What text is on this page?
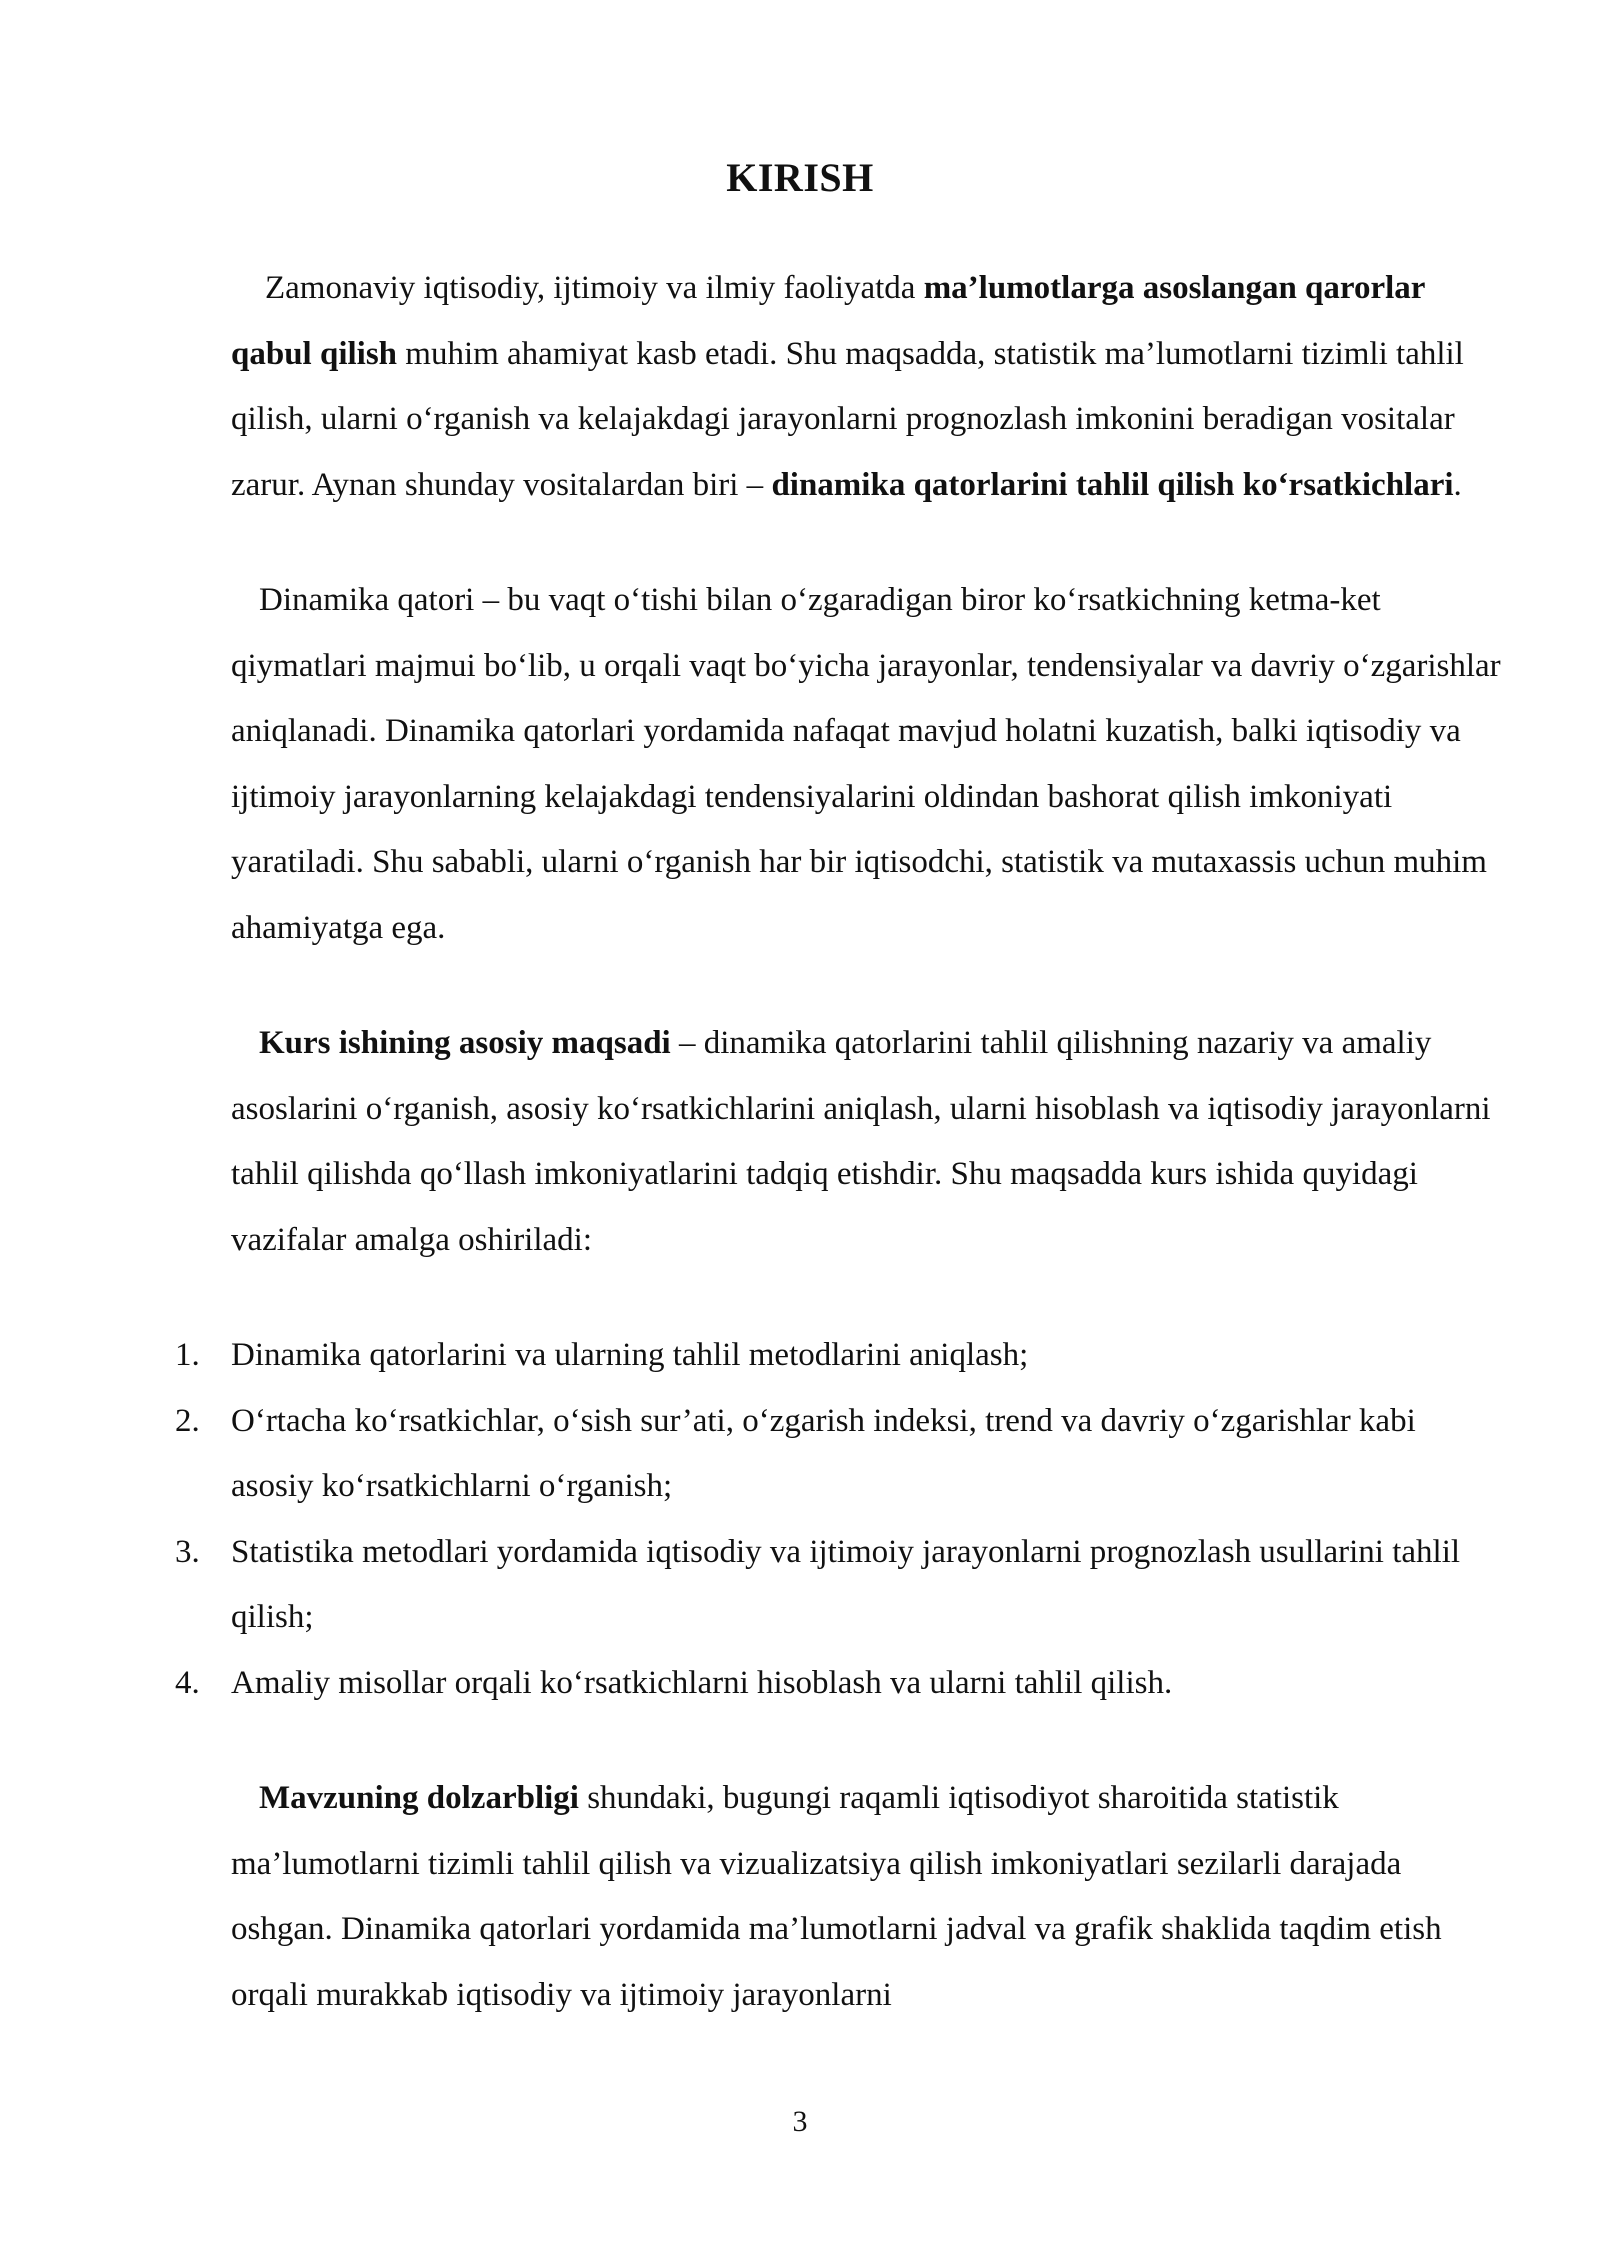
KIRISH

Zamonaviy iqtisodiy, ijtimoiy va ilmiy faoliyatda ma’lumotlarga asoslangan qarorlar qabul qilish muhim ahamiyat kasb etadi. Shu maqsadda, statistik ma’lumotlarni tizimli tahlil qilish, ularni o‘rganish va kelajakdagi jarayonlarni prognozlash imkonini beradigan vositalar zarur. Aynan shunday vositalardan biri – dinamika qatorlarini tahlil qilish ko‘rsatkichlari.

Dinamika qatori – bu vaqt o‘tishi bilan o‘zgaradigan biror ko‘rsatkichning ketma-ket qiymatlari majmui bo‘lib, u orqali vaqt bo‘yicha jarayonlar, tendensiyalar va davriy o‘zgarishlar aniqlanadi. Dinamika qatorlari yordamida nafaqat mavjud holatni kuzatish, balki iqtisodiy va ijtimoiy jarayonlarning kelajakdagi tendensiyalarini oldindan bashorat qilish imkoniyati yaratiladi. Shu sababli, ularni o‘rganish har bir iqtisodchi, statistik va mutaxassis uchun muhim ahamiyatga ega.

Kurs ishining asosiy maqsadi – dinamika qatorlarini tahlil qilishning nazariy va amaliy asoslarini o‘rganish, asosiy ko‘rsatkichlarini aniqlash, ularni hisoblash va iqtisodiy jarayonlarni tahlil qilishda qo‘llash imkoniyatlarini tadqiq etishdir. Shu maqsadda kurs ishida quyidagi vazifalar amalga oshiriladi:

1. Dinamika qatorlarini va ularning tahlil metodlarini aniqlash;
2. O‘rtacha ko‘rsatkichlar, o‘sish sur’ati, o‘zgarish indeksi, trend va davriy o‘zgarishlar kabi asosiy ko‘rsatkichlarni o‘rganish;
3. Statistika metodlari yordamida iqtisodiy va ijtimoiy jarayonlarni prognozlash usullarini tahlil qilish;
4. Amaliy misollar orqali ko‘rsatkichlarni hisoblash va ularni tahlil qilish.

Mavzuning dolzarbligi shundaki, bugungi raqamli iqtisodiyot sharoitida statistik ma’lumotlarni tizimli tahlil qilish va vizualizatsiya qilish imkoniyatlari sezilarli darajada oshgan. Dinamika qatorlari yordamida ma’lumotlarni jadval va grafik shaklida taqdim etish orqali murakkab iqtisodiy va ijtimoiy jarayonlarni

3
